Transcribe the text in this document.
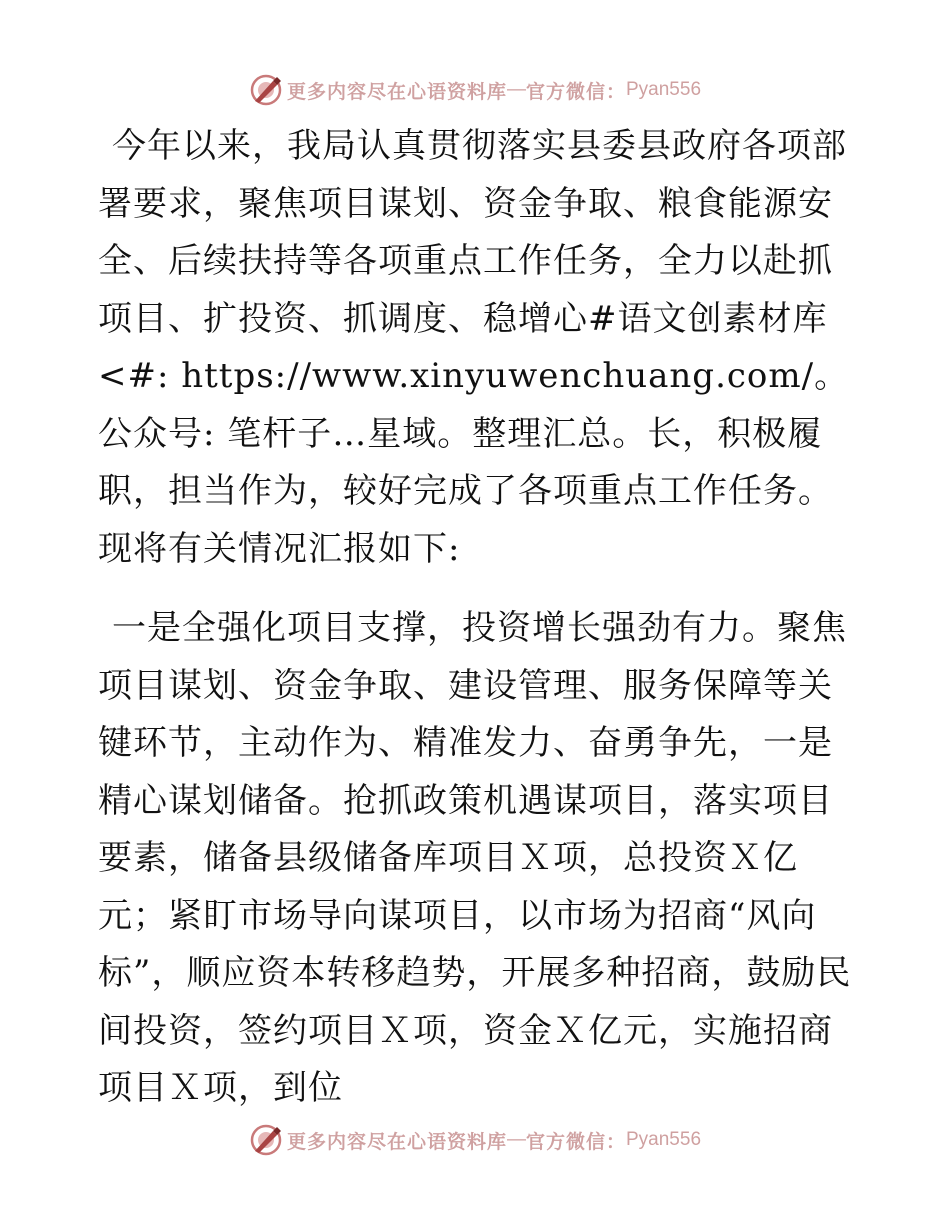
更多内容尽在心语资料库 — 官方微信： Pyan556

今年以来，我局认真贯彻落实县委县政府各项部署要求，聚焦项目谋划、资金争取、粮食能源安全、后续扶持等各项重点工作任务，全力以赴抓项目、扩投资、抓调度、稳增心#语文创素材库<#: https://www.xinyuwenchuang.com/。公众号: 笔杆子…星域。整理汇总。长，积极履职，担当作为，较好完成了各项重点工作任务。现将有关情况汇报如下:

一是全强化项目支撑，投资增长强劲有力。聚焦项目谋划、资金争取、建设管理、服务保障等关键环节，主动作为、精准发力、奋勇争先，一是精心谋划储备。抢抓政策机遇谋项目，落实项目要素，储备县级储备库项目Ｘ项，总投资Ｘ亿元；紧盯市场导向谋项目，以市场为招商“风向标”，顺应资本转移趋势，开展多种招商，鼓励民间投资，签约项目Ｘ项，资金Ｘ亿元，实施招商项目Ｘ项，到位

更多内容尽在心语资料库 — 官方微信： Pyan556
